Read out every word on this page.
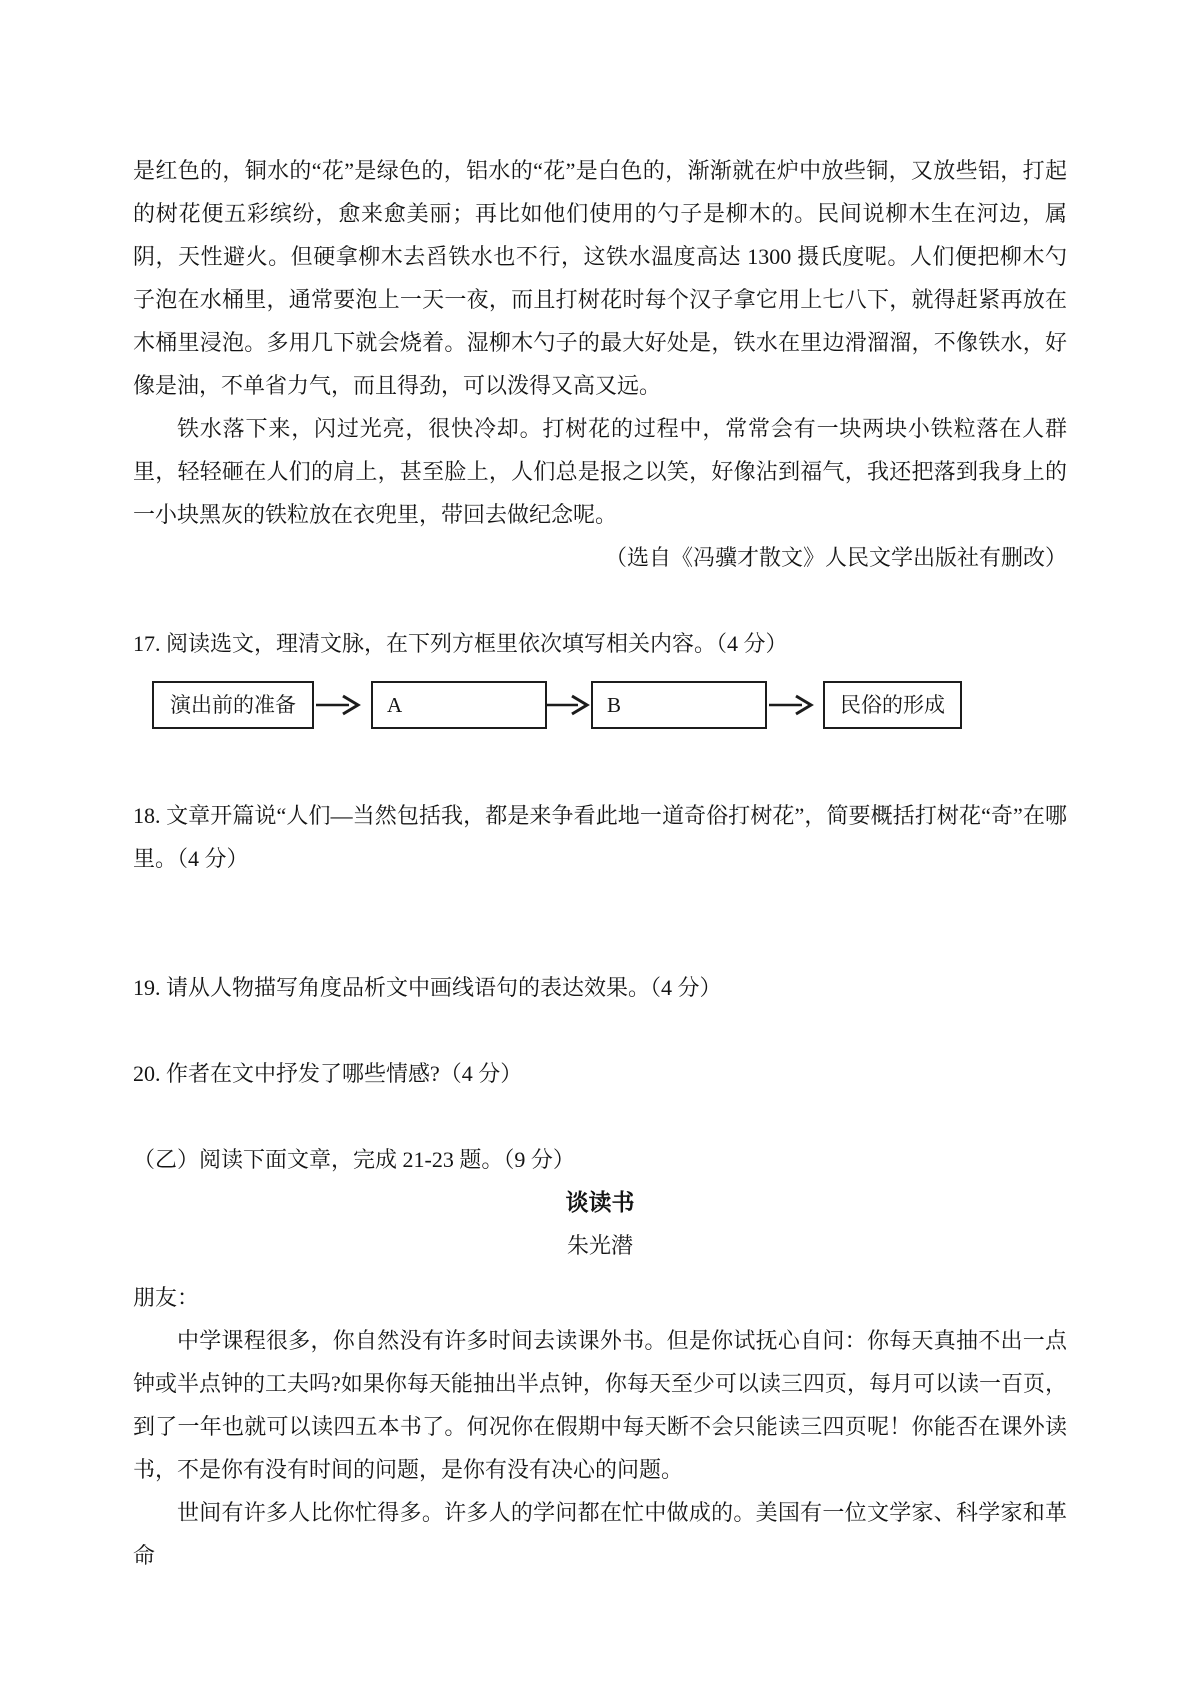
是红色的，铜水的“花”是绿色的，铝水的“花”是白色的，渐渐就在炉中放些铜，又放些铝，打起的树花便五彩缤纷，愈来愈美丽；再比如他们使用的勺子是柳木的。民间说柳木生在河边，属阴，天性避火。但硬拿柳木去舀铁水也不行，这铁水温度高达 1300 摄氏度呢。人们便把柳木勺子泡在水桶里，通常要泡上一天一夜，而且打树花时每个汉子拿它用上七八下，就得赶紧再放在木桶里浸泡。多用几下就会烧着。湿柳木勺子的最大好处是，铁水在里边滑溜溜，不像铁水，好像是油，不单省力气，而且得劲，可以泼得又高又远。

铁水落下来，闪过光亮，很快冷却。打树花的过程中，常常会有一块两块小铁粒落在人群里，轻轻砸在人们的肩上，甚至脸上，人们总是报之以笑，好像沾到福气，我还把落到我身上的一小块黑灰的铁粒放在衣兜里，带回去做纪念呢。

（选自《冯骥才散文》人民文学出版社有删改）

17. 阅读选文，理清文脉，在下列方框里依次填写相关内容。（4 分）

演出前的准备	A	B	民俗的形成

18. 文章开篇说“人们—当然包括我，都是来争看此地一道奇俗打树花”，简要概括打树花“奇”在哪里。（4 分）

19. 请从人物描写角度品析文中画线语句的表达效果。（4 分）

20. 作者在文中抒发了哪些情感?（4 分）

（乙）阅读下面文章，完成 21-23 题。（9 分）

谈读书

朱光潜

朋友：

中学课程很多，你自然没有许多时间去读课外书。但是你试抚心自问：你每天真抽不出一点钟或半点钟的工夫吗?如果你每天能抽出半点钟，你每天至少可以读三四页，每月可以读一百页，到了一年也就可以读四五本书了。何况你在假期中每天断不会只能读三四页呢！你能否在课外读书，不是你有没有时间的问题，是你有没有决心的问题。

世间有许多人比你忙得多。许多人的学问都在忙中做成的。美国有一位文学家、科学家和革命
